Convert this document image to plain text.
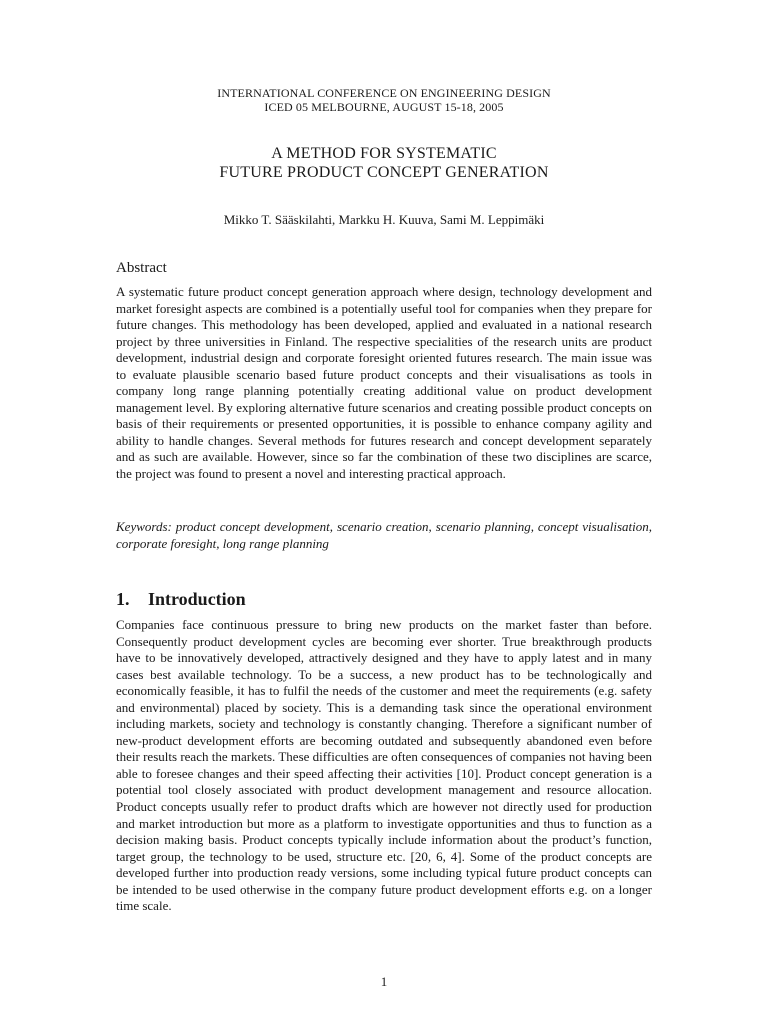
INTERNATIONAL CONFERENCE ON ENGINEERING DESIGN
ICED 05 MELBOURNE, AUGUST 15-18, 2005
A METHOD FOR SYSTEMATIC
FUTURE PRODUCT CONCEPT GENERATION
Mikko T. Sääskilahti, Markku H. Kuuva, Sami M. Leppimäki
Abstract
A systematic future product concept generation approach where design, technology development and market foresight aspects are combined is a potentially useful tool for companies when they prepare for future changes. This methodology has been developed, applied and evaluated in a national research project by three universities in Finland. The respective specialities of the research units are product development, industrial design and corporate foresight oriented futures research. The main issue was to evaluate plausible scenario based future product concepts and their visualisations as tools in company long range planning potentially creating additional value on product development management level. By exploring alternative future scenarios and creating possible product concepts on basis of their requirements or presented opportunities, it is possible to enhance company agility and ability to handle changes. Several methods for futures research and concept development separately and as such are available. However, since so far the combination of these two disciplines are scarce, the project was found to present a novel and interesting practical approach.
Keywords: product concept development, scenario creation, scenario planning, concept visualisation, corporate foresight, long range planning
1. Introduction
Companies face continuous pressure to bring new products on the market faster than before. Consequently product development cycles are becoming ever shorter. True breakthrough products have to be innovatively developed, attractively designed and they have to apply latest and in many cases best available technology. To be a success, a new product has to be technologically and economically feasible, it has to fulfil the needs of the customer and meet the requirements (e.g. safety and environmental) placed by society. This is a demanding task since the operational environment including markets, society and technology is constantly changing. Therefore a significant number of new-product development efforts are becoming outdated and subsequently abandoned even before their results reach the markets. These difficulties are often consequences of companies not having been able to foresee changes and their speed affecting their activities [10]. Product concept generation is a potential tool closely associated with product development management and resource allocation. Product concepts usually refer to product drafts which are however not directly used for production and market introduction but more as a platform to investigate opportunities and thus to function as a decision making basis. Product concepts typically include information about the product’s function, target group, the technology to be used, structure etc. [20, 6, 4]. Some of the product concepts are developed further into production ready versions, some including typical future product concepts can be intended to be used otherwise in the company future product development efforts e.g. on a longer time scale.
1
